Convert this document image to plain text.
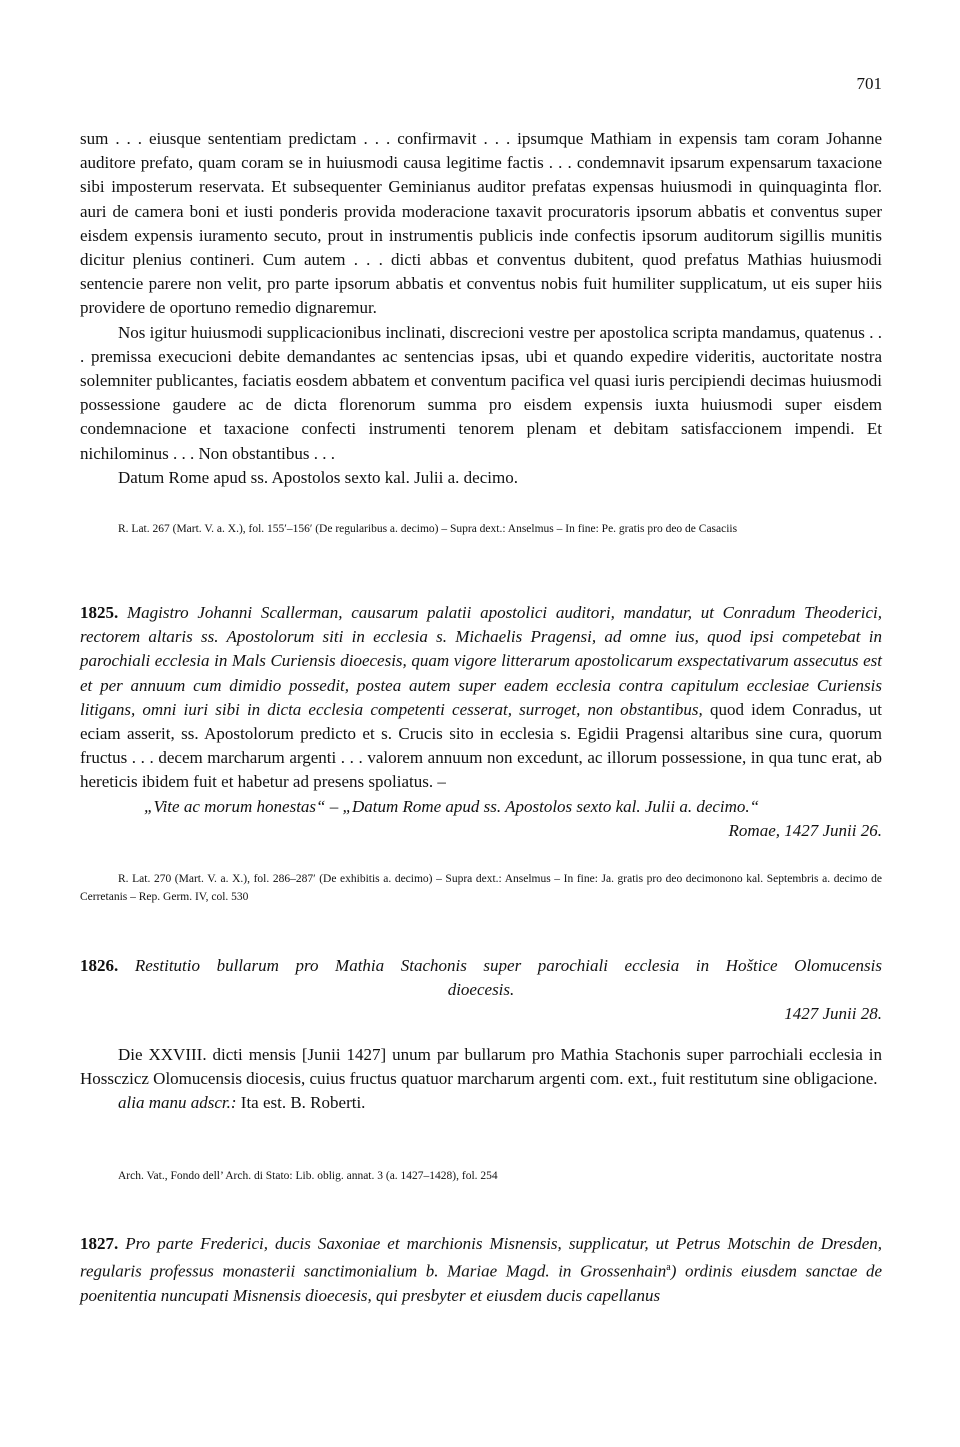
701

sum . . . eiusque sententiam predictam . . . confirmavit . . . ipsumque Mathiam in expensis tam coram Johanne auditore prefato, quam coram se in huiusmodi causa legitime factis . . . condemnavit ipsarum expensarum taxacione sibi imposterum reservata. Et subsequenter Geminianus auditor prefatas expensas huiusmodi in quinquaginta flor. auri de camera boni et iusti ponderis provida moderacione taxavit procuratoris ipsorum abbatis et conventus super eisdem expensis iuramento secuto, prout in instrumentis publicis inde confectis ipsorum auditorum sigillis munitis dicitur plenius contineri. Cum autem . . . dicti abbas et conventus dubitent, quod prefatus Mathias huiusmodi sentencie parere non velit, pro parte ipsorum abbatis et conventus nobis fuit humiliter supplicatum, ut eis super hiis providere de oportuno remedio dignaremur.

Nos igitur huiusmodi supplicacionibus inclinati, discrecioni vestre per apostolica scripta mandamus, quatenus . . . premissa execucioni debite demandantes ac sentencias ipsas, ubi et quando expedire videritis, auctoritate nostra solemniter publicantes, faciatis eosdem abbatem et conventum pacifica vel quasi iuris percipiendi decimas huiusmodi possessione gaudere ac de dicta florenorum summa pro eisdem expensis iuxta huiusmodi super eisdem condemnacione et taxacione confecti instrumenti tenorem plenam et debitam satisfaccionem impendi. Et nichilominus . . . Non obstantibus . . .

Datum Rome apud ss. Apostolos sexto kal. Julii a. decimo.

R. Lat. 267 (Mart. V. a. X.), fol. 155′–156′ (De regularibus a. decimo) – Supra dext.: Anselmus – In fine: Pe. gratis pro deo de Casaciis

1825. Magistro Johanni Scallerman, causarum palatii apostolici auditori, mandatur, ut Conradum Theoderici, rectorem altaris ss. Apostolorum siti in ecclesia s. Michaelis Pragensi, ad omne ius, quod ipsi competebat in parochiali ecclesia in Mals Curiensis dioecesis, quam vigore litterarum apostolicarum exspectativarum assecutus est et per annuum cum dimidio possedit, postea autem super eadem ecclesia contra capitulum ecclesiae Curiensis litigans, omni iuri sibi in dicta ecclesia competenti cesserat, surroget, non obstantibus, quod idem Conradus, ut eciam asserit, ss. Apostolorum predicto et s. Crucis sito in ecclesia s. Egidii Pragensi altaribus sine cura, quorum fructus . . . decem marcharum argenti . . . valorem annuum non excedunt, ac illorum possessione, in qua tunc erat, ab hereticis ibidem fuit et habetur ad presens spoliatus. –

„Vite ac morum honestas“ – „Datum Rome apud ss. Apostolos sexto kal. Julii a. decimo.“

Romae, 1427 Junii 26.

R. Lat. 270 (Mart. V. a. X.), fol. 286–287′ (De exhibitis a. decimo) – Supra dext.: Anselmus – In fine: Ja. gratis pro deo decimonono kal. Septembris a. decimo de Cerretanis – Rep. Germ. IV, col. 530

1826. Restitutio bullarum pro Mathia Stachonis super parochiali ecclesia in Hoštice Olomucensis

dioecesis.

1427 Junii 28.

Die XXVIII. dicti mensis [Junii 1427] unum par bullarum pro Mathia Stachonis super parrochiali ecclesia in Hossczicz Olomucensis diocesis, cuius fructus quatuor marcharum argenti com. ext., fuit restitutum sine obligacione.

alia manu adscr.: Ita est. B. Roberti.

Arch. Vat., Fondo dell’ Arch. di Stato: Lib. oblig. annat. 3 (a. 1427–1428), fol. 254

1827. Pro parte Frederici, ducis Saxoniae et marchionis Misnensis, supplicatur, ut Petrus Motschin de Dresden, regularis professus monasterii sanctimonialium b. Mariae Magd. in Grossenhain$^a$) ordinis eiusdem sanctae de poenitentia nuncupati Misnensis dioecesis, qui presbyter et eiusdem ducis capellanus
